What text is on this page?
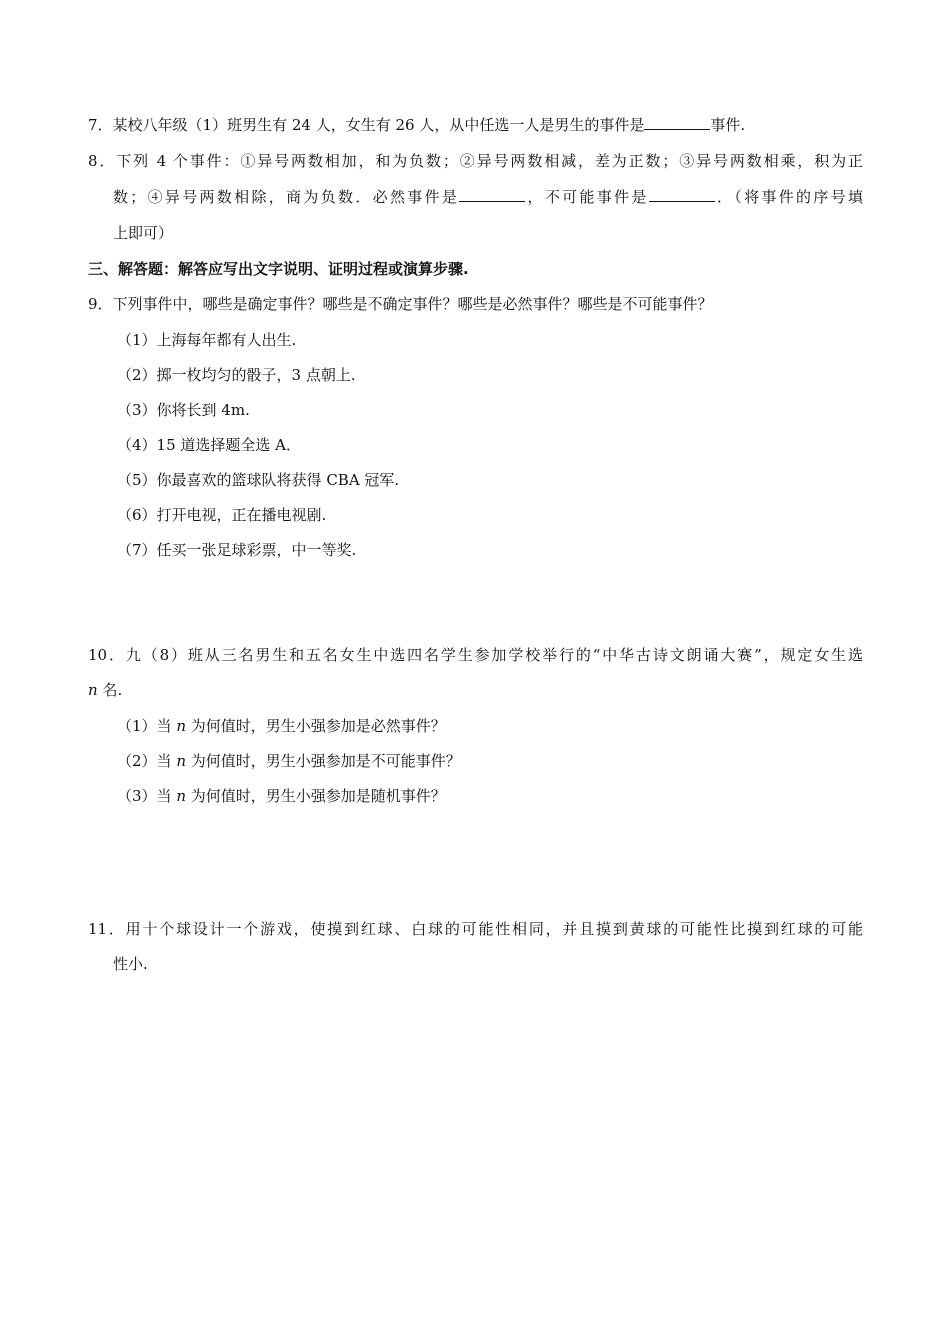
7．某校八年级（1）班男生有 24 人，女生有 26 人，从中任选一人是男生的事件是	事件.
8．下列 4 个事件：①异号两数相加，和为负数；②异号两数相减，差为正数；③异号两数相乘，积为正
数；④异号两数相除，商为负数．必然事件是	，不可能事件是	．（将事件的序号填
上即可）
三、解答题：解答应写出文字说明、证明过程或演算步骤.
9．下列事件中，哪些是确定事件？哪些是不确定事件？哪些是必然事件？哪些是不可能事件？
（1）上海每年都有人出生.
（2）掷一枚均匀的骰子，3 点朝上.
（3）你将长到 4m.
（4）15 道选择题全选 A．
（5）你最喜欢的篮球队将获得 CBA 冠军.
（6）打开电视，正在播电视剧.
（7）任买一张足球彩票，中一等奖.
10．九（8）班从三名男生和五名女生中选四名学生参加学校举行的“中华古诗文朗诵大赛”，规定女生选
n 名.
（1）当 n 为何值时，男生小强参加是必然事件？
（2）当 n 为何值时，男生小强参加是不可能事件？
（3）当 n 为何值时，男生小强参加是随机事件？
11．用十个球设计一个游戏，使摸到红球、白球的可能性相同，并且摸到黄球的可能性比摸到红球的可能
性小.
